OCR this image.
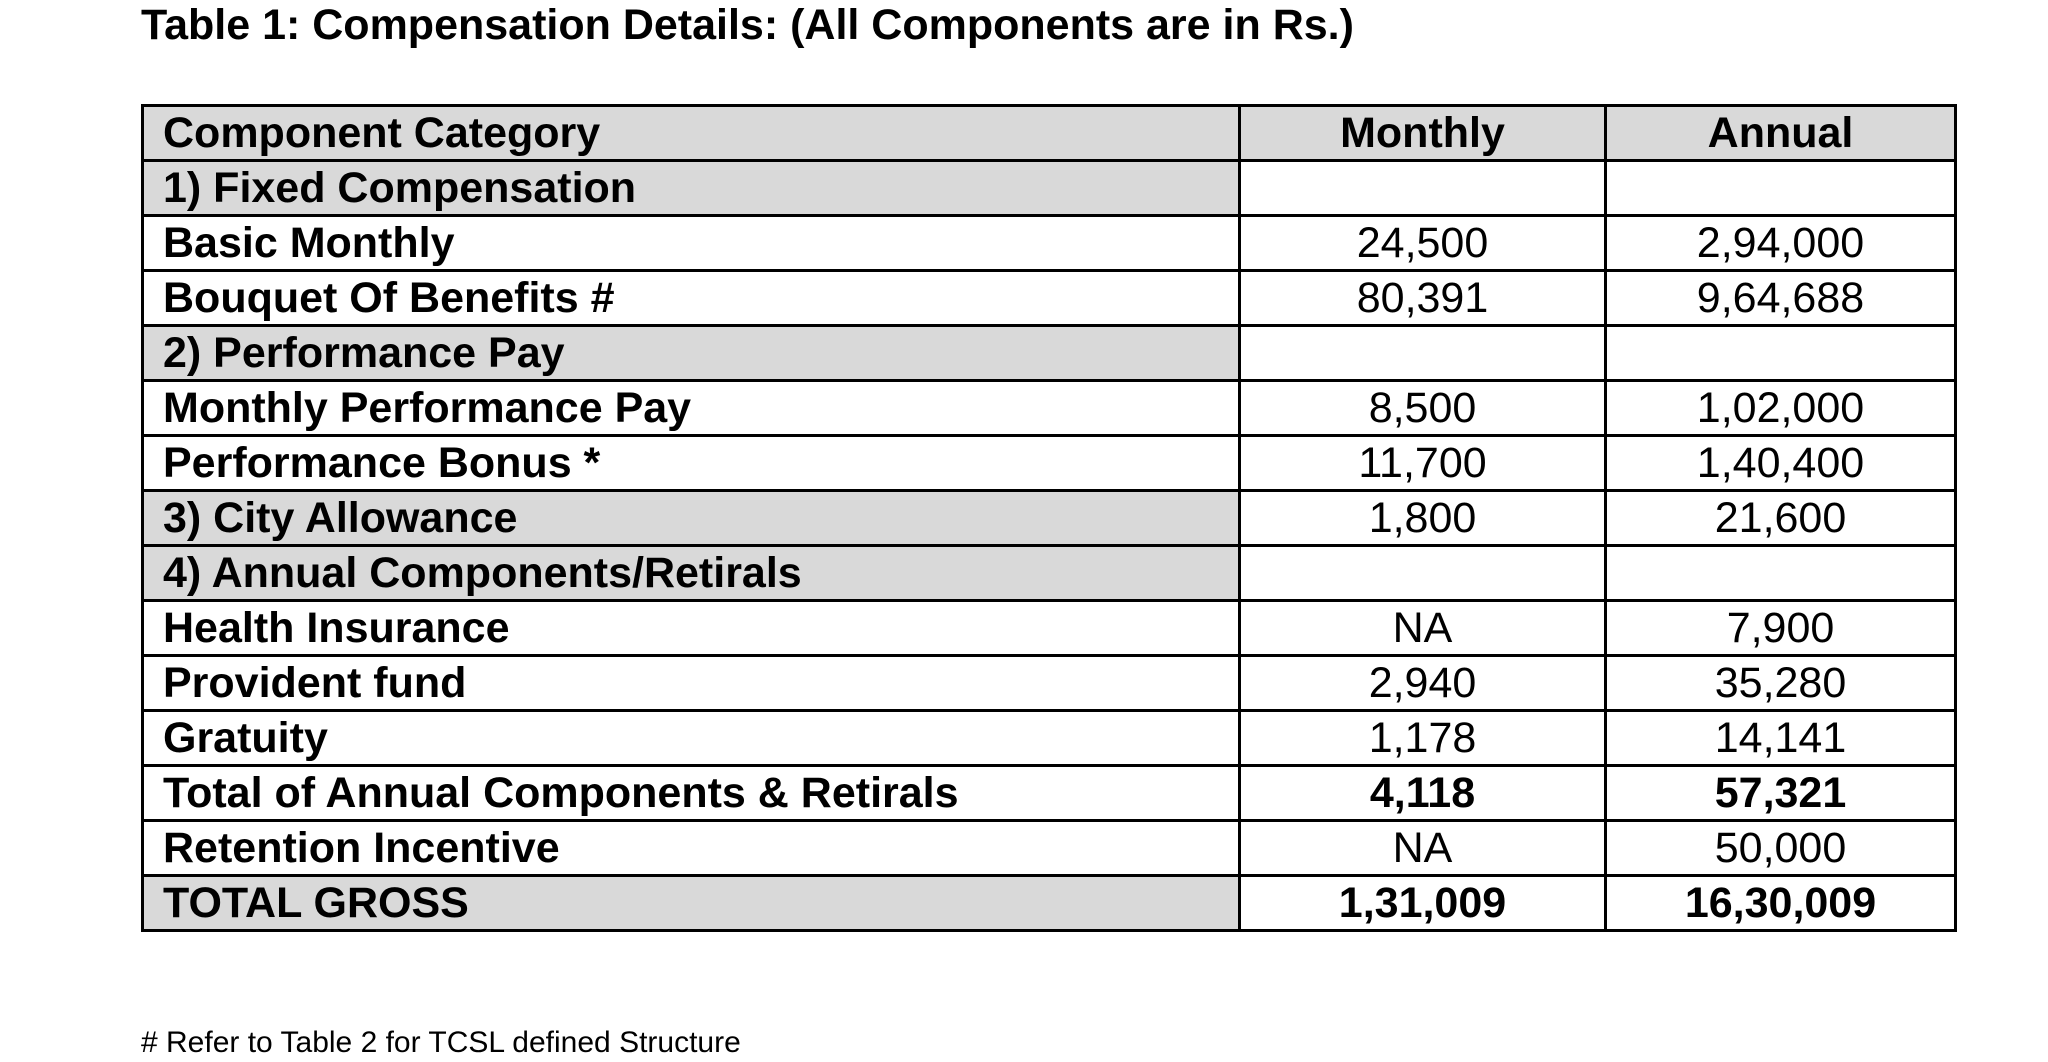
Table 1: Compensation Details: (All Components are in Rs.)
Component Category	Monthly	Annual
1) Fixed Compensation		
Basic Monthly	24,500	2,94,000
Bouquet Of Benefits #	80,391	9,64,688
2) Performance Pay		
Monthly Performance Pay	8,500	1,02,000
Performance Bonus *	11,700	1,40,400
3) City Allowance	1,800	21,600
4) Annual Components/Retirals		
Health Insurance	NA	7,900
Provident fund	2,940	35,280
Gratuity	1,178	14,141
Total of Annual Components & Retirals	4,118	57,321
Retention Incentive	NA	50,000
TOTAL GROSS	1,31,009	16,30,009
# Refer to Table 2 for TCSL defined Structure
